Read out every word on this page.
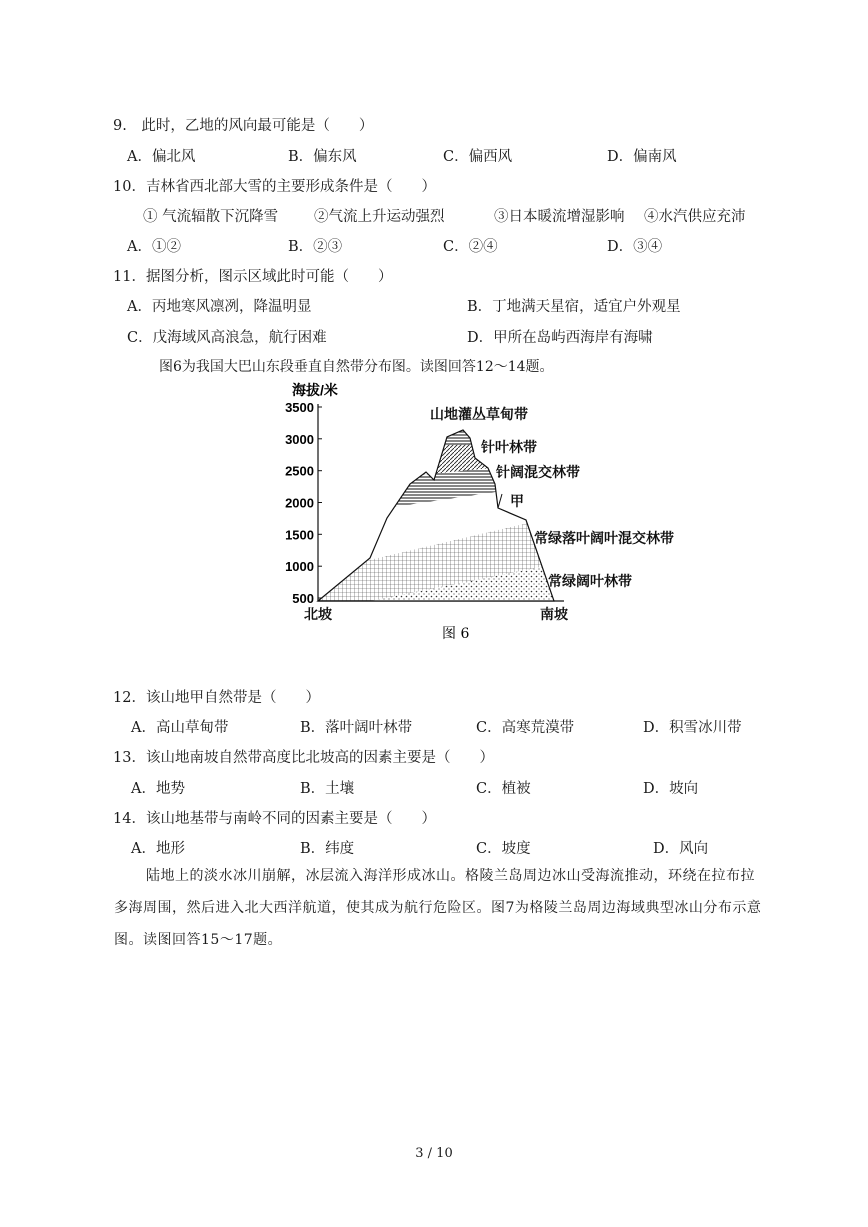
9.　此时，乙地的风向最可能是（　　）
A．偏北风	B．偏东风	C．偏西风	D．偏南风
10．吉林省西北部大雪的主要形成条件是（　　）
① 气流辐散下沉降雪 ②气流上升运动强烈	③日本暖流增湿影响 ④水汽供应充沛
A．①②	B．②③	C．②④	D．③④
11．据图分析，图示区域此时可能（　　）
A．丙地寒风凛冽，降温明显	B．丁地满天星宿，适宜户外观星
C．戊海域风高浪急，航行困难	D．甲所在岛屿西海岸有海啸
图6为我国大巴山东段垂直自然带分布图。读图回答12～14题。
3500
3000
2500
2000
1500
1000
500
海拔/米
山地灌丛草甸带
针叶林带
针阔混交林带
甲
常绿落叶阔叶混交林带
常绿阔叶林带
北坡	南坡
图 6
12．该山地甲自然带是（　　）
A．高山草甸带	B．落叶阔叶林带	C．高寒荒漠带	D．积雪冰川带
13．该山地南坡自然带高度比北坡高的因素主要是（　　）
A．地势	B．土壤	C．植被	D．坡向
14．该山地基带与南岭不同的因素主要是（　　）
A．地形	B．纬度	C．坡度	D．风向
陆地上的淡水冰川崩解，冰层流入海洋形成冰山。格陵兰岛周边冰山受海流推动，环绕在拉布拉多海周围，然后进入北大西洋航道，使其成为航行危险区。图7为格陵兰岛周边海域典型冰山分布示意图。读图回答15～17题。
3 / 10
